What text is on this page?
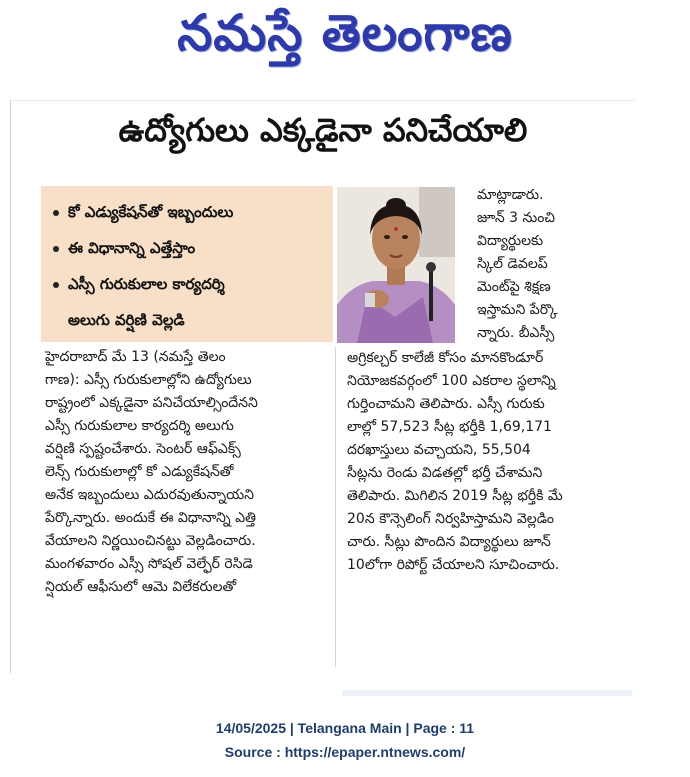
నమస్తే తెలంగాణ
ఉద్యోగులు ఎక్కడైనా పనిచేయాలి
కో ఎడ్యుకేషన్‌తో ఇబ్బందులు
ఈ విధానాన్ని ఎత్తేస్తాం
ఎస్సీ గురుకులాల కార్యదర్శి
అలుగు వర్షిణి వెల్లడి
మాట్లాడారు.
జూన్ 3 నుంచి
విద్యార్థులకు
స్కిల్ డెవలప్
మెంట్‌పై శిక్షణ
ఇస్తామని పేర్కొ
న్నారు. బీఎస్సీ
హైదరాబాద్ మే 13 (నమస్తే తెలం
గాణ): ఎస్సీ గురుకులాల్లోని ఉద్యోగులు
రాష్ట్రంలో ఎక్కడైనా పనిచేయాల్సిందేనని
ఎస్సీ గురుకులాల కార్యదర్శి అలుగు
వర్షిణి స్పష్టంచేశారు. సెంటర్ ఆఫ్‌ఎక్స్
లెన్స్ గురుకులాల్లో కో ఎడ్యుకేషన్‌తో
అనేక ఇబ్బందులు ఎదురవుతున్నాయని
పేర్కొన్నారు. అందుకే ఈ విధానాన్ని ఎత్తి
వేయాలని నిర్ణయించినట్టు వెల్లడించారు.
మంగళవారం ఎస్సీ సోషల్ వెల్ఫేర్ రెసిడె
న్షియల్ ఆఫీసులో ఆమె విలేకరులతో
అగ్రికల్చర్ కాలేజీ కోసం మానకొండూర్
నియోజకవర్గంలో 100 ఎకరాల స్థలాన్ని
గుర్తించామని తెలిపారు. ఎస్సీ గురుకు
లాల్లో 57,523 సీట్ల భర్తీకి 1,69,171
దరఖాస్తులు వచ్చాయని, 55,504
సీట్లను రెండు విడతల్లో భర్తీ చేశామని
తెలిపారు. మిగిలిన 2019 సీట్ల భర్తీకి మే
20న కౌన్సెలింగ్ నిర్వహిస్తామని వెల్లడిం
చారు. సీట్లు పొందిన విద్యార్థులు జూన్
10లోగా రిపోర్ట్ చేయాలని సూచించారు.
14/05/2025 | Telangana Main | Page : 11
Source : https://epaper.ntnews.com/
